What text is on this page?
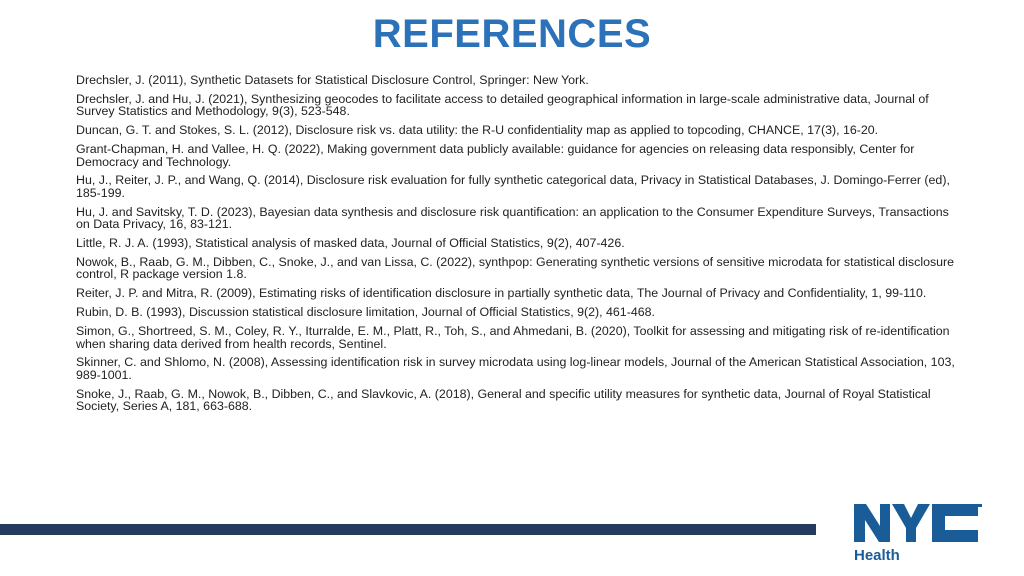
REFERENCES
Drechsler, J. (2011), Synthetic Datasets for Statistical Disclosure Control, Springer: New York.
Drechsler, J. and Hu, J. (2021), Synthesizing geocodes to facilitate access to detailed geographical information in large-scale administrative data, Journal of Survey Statistics and Methodology, 9(3), 523-548.
Duncan, G. T. and Stokes, S. L. (2012), Disclosure risk vs. data utility: the R-U confidentiality map as applied to topcoding, CHANCE, 17(3), 16-20.
Grant-Chapman, H. and Vallee, H. Q. (2022), Making government data publicly available: guidance for agencies on releasing data responsibly, Center for Democracy and Technology.
Hu, J., Reiter, J. P., and Wang, Q. (2014), Disclosure risk evaluation for fully synthetic categorical data, Privacy in Statistical Databases, J. Domingo-Ferrer (ed), 185-199.
Hu, J. and Savitsky, T. D. (2023), Bayesian data synthesis and disclosure risk quantification: an application to the Consumer Expenditure Surveys, Transactions on Data Privacy, 16, 83-121.
Little, R. J. A. (1993), Statistical analysis of masked data, Journal of Official Statistics, 9(2), 407-426.
Nowok, B., Raab, G. M., Dibben, C., Snoke, J., and van Lissa, C. (2022), synthpop: Generating synthetic versions of sensitive microdata for statistical disclosure control, R package version 1.8.
Reiter, J. P. and Mitra, R. (2009), Estimating risks of identification disclosure in partially synthetic data, The Journal of Privacy and Confidentiality, 1, 99-110.
Rubin, D. B. (1993), Discussion statistical disclosure limitation, Journal of Official Statistics, 9(2), 461-468.
Simon, G., Shortreed, S. M., Coley, R. Y., Iturralde, E. M., Platt, R., Toh, S., and Ahmedani, B. (2020), Toolkit for assessing and mitigating risk of re-identification when sharing data derived from health records, Sentinel.
Skinner, C. and Shlomo, N. (2008), Assessing identification risk in survey microdata using log-linear models, Journal of the American Statistical Association, 103, 989-1001.
Snoke, J., Raab, G. M., Nowok, B., Dibben, C., and Slavkovic, A. (2018), General and specific utility measures for synthetic data, Journal of Royal Statistical Society, Series A, 181, 663-688.
Health
